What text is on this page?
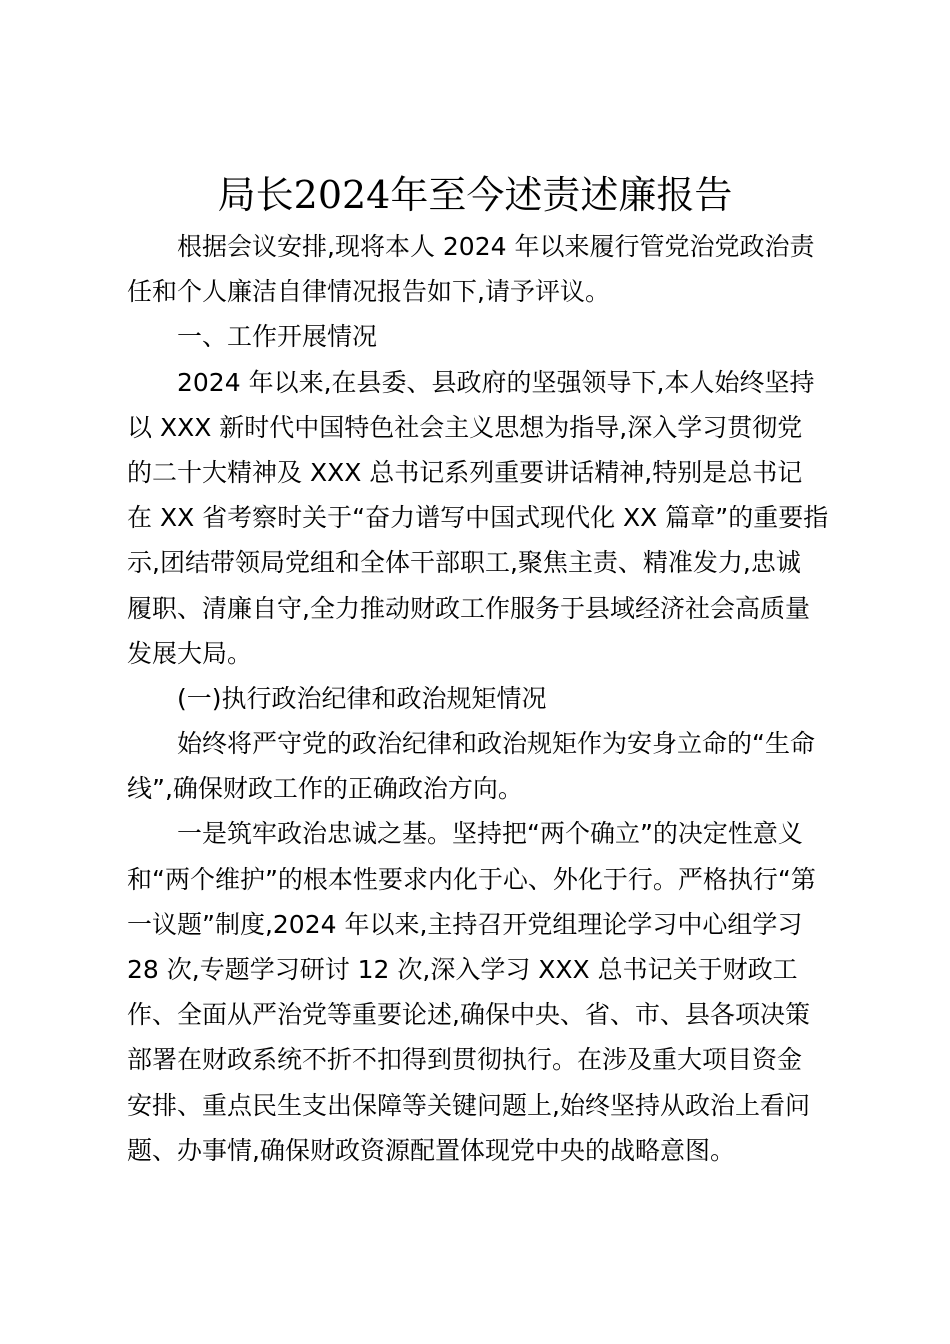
局长2024年至今述责述廉报告
根据会议安排,现将本人 2024 年以来履行管党治党政治责
任和个人廉洁自律情况报告如下,请予评议。
一、工作开展情况
2024 年以来,在县委、县政府的坚强领导下,本人始终坚持
以 XXX 新时代中国特色社会主义思想为指导,深入学习贯彻党
的二十大精神及 XXX 总书记系列重要讲话精神,特别是总书记
在 XX 省考察时关于“奋力谱写中国式现代化 XX 篇章”的重要指
示,团结带领局党组和全体干部职工,聚焦主责、精准发力,忠诚
履职、清廉自守,全力推动财政工作服务于县域经济社会高质量
发展大局。
(一)执行政治纪律和政治规矩情况
始终将严守党的政治纪律和政治规矩作为安身立命的“生命
线”,确保财政工作的正确政治方向。
一是筑牢政治忠诚之基。坚持把“两个确立”的决定性意义
和“两个维护”的根本性要求内化于心、外化于行。严格执行“第
一议题”制度,2024 年以来,主持召开党组理论学习中心组学习
28 次,专题学习研讨 12 次,深入学习 XXX 总书记关于财政工
作、全面从严治党等重要论述,确保中央、省、市、县各项决策
部署在财政系统不折不扣得到贯彻执行。在涉及重大项目资金
安排、重点民生支出保障等关键问题上,始终坚持从政治上看问
题、办事情,确保财政资源配置体现党中央的战略意图。
